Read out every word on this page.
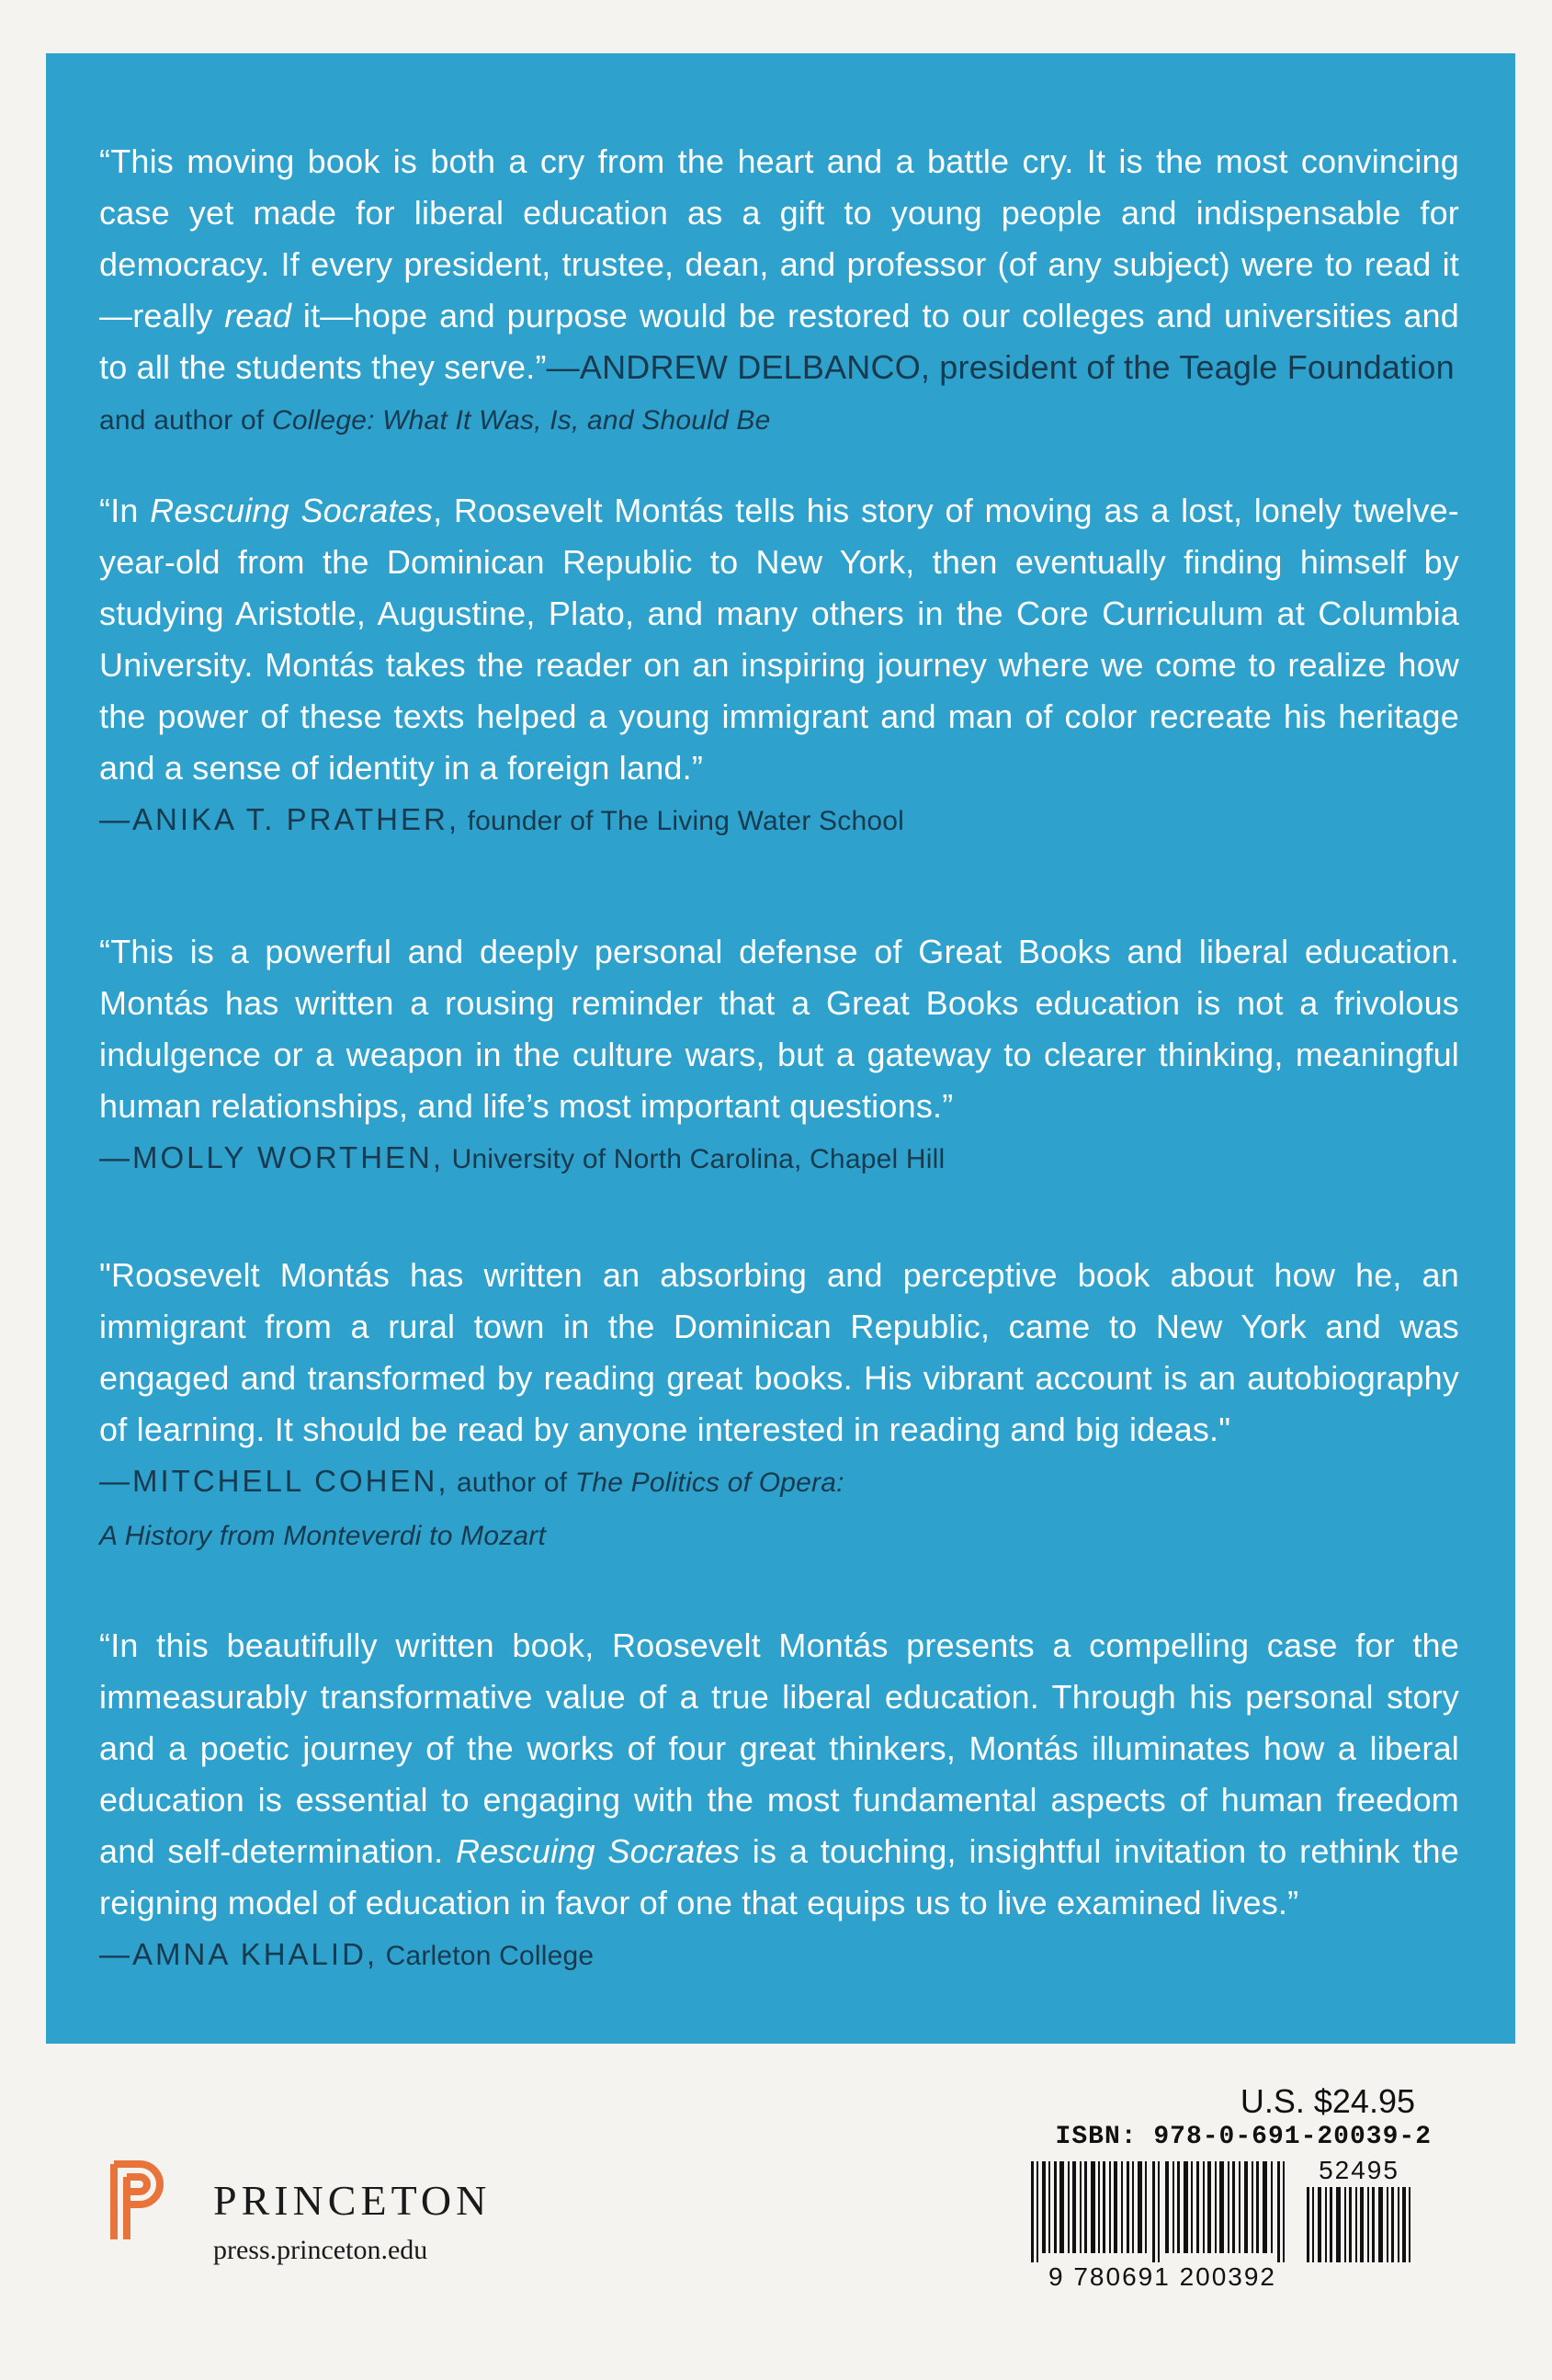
“This moving book is both a cry from the heart and a battle cry. It is the most convincing case yet made for liberal education as a gift to young people and indispensable for democracy. If every president, trustee, dean, and professor (of any subject) were to read it—really read it—hope and purpose would be restored to our colleges and universities and to all the students they serve.”—ANDREW DELBANCO, president of the Teagle Foundation
and author of College: What It Was, Is, and Should Be
“In Rescuing Socrates, Roosevelt Montás tells his story of moving as a lost, lonely twelve-year-old from the Dominican Republic to New York, then eventually finding himself by studying Aristotle, Augustine, Plato, and many others in the Core Curriculum at Columbia University. Montás takes the reader on an inspiring journey where we come to realize how the power of these texts helped a young immigrant and man of color recreate his heritage and a sense of identity in a foreign land.”
—ANIKA T. PRATHER, founder of The Living Water School
“This is a powerful and deeply personal defense of Great Books and liberal education. Montás has written a rousing reminder that a Great Books education is not a frivolous indulgence or a weapon in the culture wars, but a gateway to clearer thinking, meaningful human relationships, and life’s most important questions.”
—MOLLY WORTHEN, University of North Carolina, Chapel Hill
"Roosevelt Montás has written an absorbing and perceptive book about how he, an immigrant from a rural town in the Dominican Republic, came to New York and was engaged and transformed by reading great books. His vibrant account is an autobiography of learning. It should be read by anyone interested in reading and big ideas."
—MITCHELL COHEN, author of The Politics of Opera:
A History from Monteverdi to Mozart
“In this beautifully written book, Roosevelt Montás presents a compelling case for the immeasurably transformative value of a true liberal education. Through his personal story and a poetic journey of the works of four great thinkers, Montás illuminates how a liberal education is essential to engaging with the most fundamental aspects of human freedom and self-determination. Rescuing Socrates is a touching, insightful invitation to rethink the reigning model of education in favor of one that equips us to live examined lives.”
—AMNA KHALID, Carleton College
PRINCETON
press.princeton.edu
U.S. $24.95
ISBN: 978-0-691-20039-2
52495
9 780691 200392
